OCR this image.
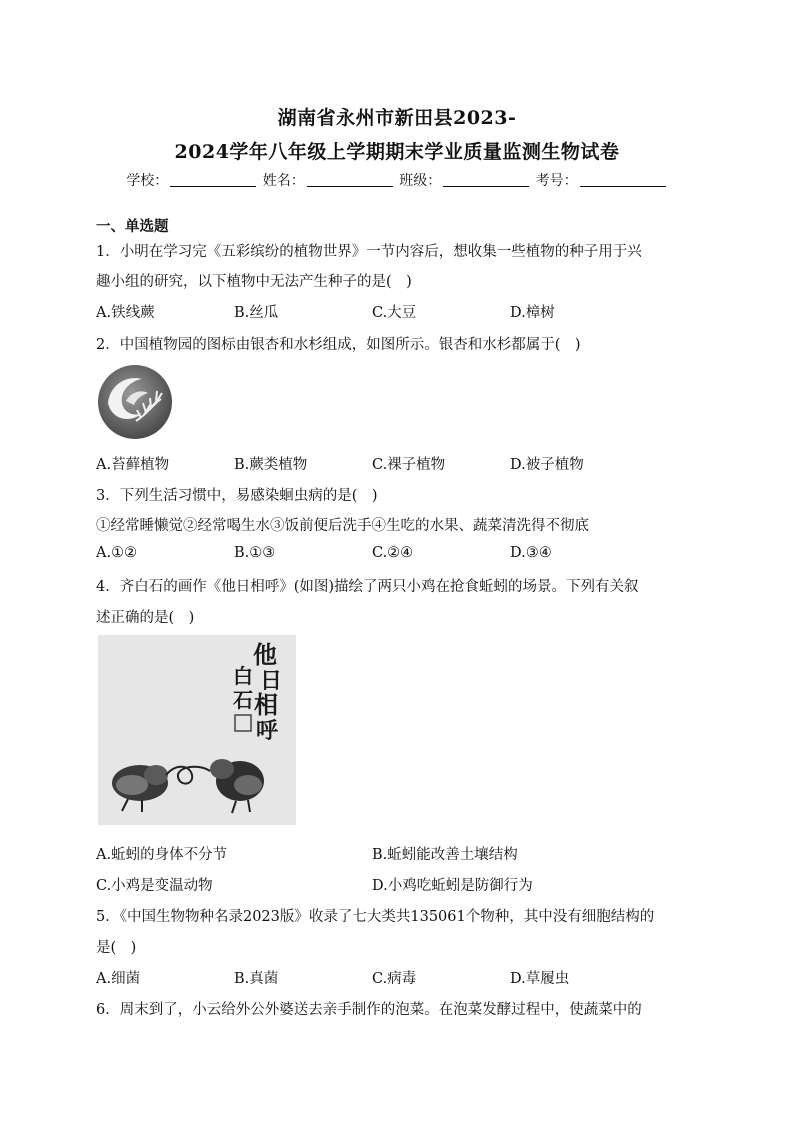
湖南省永州市新田县2023-
2024学年八年级上学期期末学业质量监测生物试卷
学校：	姓名：	班级：	考号：
一、单选题
1．小明在学习完《五彩缤纷的植物世界》一节内容后，想收集一些植物的种子用于兴
趣小组的研究，以下植物中无法产生种子的是(　)
A.铁线蕨	B.丝瓜	C.大豆	D.樟树
2．中国植物园的图标由银杏和水杉组成，如图所示。银杏和水杉都属于(　)
A.苔藓植物	B.蕨类植物	C.裸子植物	D.被子植物
3．下列生活习惯中，易感染蛔虫病的是(　)
①经常睡懒觉②经常喝生水③饭前便后洗手④生吃的水果、蔬菜清洗得不彻底
A.①②	B.①③	C.②④	D.③④
4．齐白石的画作《他日相呼》(如图)描绘了两只小鸡在抢食蚯蚓的场景。下列有关叙
述正确的是(　)
他
日
相
呼
白
石
A.蚯蚓的身体不分节	B.蚯蚓能改善土壤结构
C.小鸡是变温动物	D.小鸡吃蚯蚓是防御行为
5．《中国生物物种名录2023版》收录了七大类共135061个物种，其中没有细胞结构的
是(　)
A.细菌	B.真菌	C.病毒	D.草履虫
6．周末到了，小云给外公外婆送去亲手制作的泡菜。在泡菜发酵过程中，使蔬菜中的
